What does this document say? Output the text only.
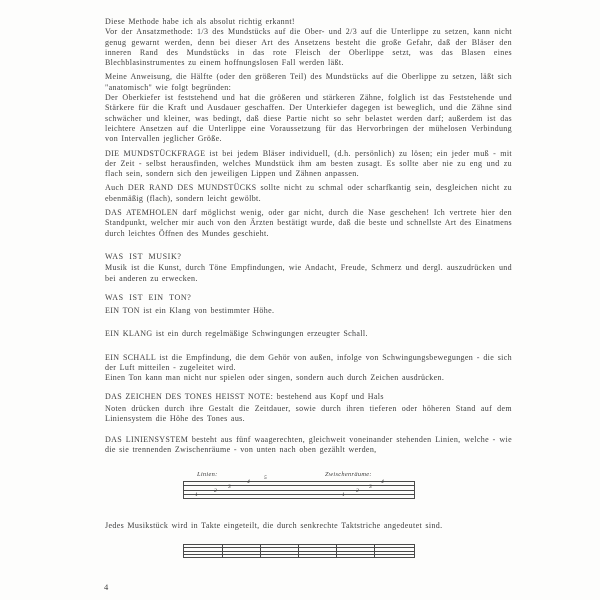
Diese Methode habe ich als absolut richtig erkannt!

Vor der Ansatzmethode: 1/3 des Mundstücks auf die Ober- und 2/3 auf die Unterlippe zu setzen, kann nicht genug gewarnt werden, denn bei dieser Art des Ansetzens besteht die große Gefahr, daß der Bläser den inneren Rand des Mundstücks in das rote Fleisch der Oberlippe setzt, was das Blasen eines Blechblasinstrumentes zu einem hoffnungslosen Fall werden läßt.

Meine Anweisung, die Hälfte (oder den größeren Teil) des Mundstücks auf die Oberlippe zu setzen, läßt sich "anatomisch" wie folgt begründen:

Der Oberkiefer ist feststehend und hat die größeren und stärkeren Zähne, folglich ist das Feststehende und Stärkere für die Kraft und Ausdauer geschaffen. Der Unterkiefer dagegen ist beweglich, und die Zähne sind schwächer und kleiner, was bedingt, daß diese Partie nicht so sehr belastet werden darf; außerdem ist das leichtere Ansetzen auf die Unterlippe eine Voraussetzung für das Hervorbringen der mühelosen Verbindung von Intervallen jeglicher Größe.

DIE MUNDSTÜCKFRAGE ist bei jedem Bläser individuell, (d.h. persönlich) zu lösen; ein jeder muß - mit der Zeit - selbst herausfinden, welches Mundstück ihm am besten zusagt. Es sollte aber nie zu eng und zu flach sein, sondern sich den jeweiligen Lippen und Zähnen anpassen.

Auch DER RAND DES MUNDSTÜCKS sollte nicht zu schmal oder scharfkantig sein, desgleichen nicht zu ebenmäßig (flach), sondern leicht gewölbt.

DAS ATEMHOLEN darf möglichst wenig, oder gar nicht, durch die Nase geschehen! Ich vertrete hier den Standpunkt, welcher mir auch von den Ärzten bestätigt wurde, daß die beste und schnellste Art des Einatmens durch leichtes Öffnen des Mundes geschieht.

WAS IST MUSIK?

Musik ist die Kunst, durch Töne Empfindungen, wie Andacht, Freude, Schmerz und dergl. auszudrücken und bei anderen zu erwecken.

WAS IST EIN TON?

EIN TON ist ein Klang von bestimmter Höhe.

EIN KLANG ist ein durch regelmäßige Schwingungen erzeugter Schall.

EIN SCHALL ist die Empfindung, die dem Gehör von außen, infolge von Schwingungsbewegungen - die sich der Luft mitteilen - zugeleitet wird.

Einen Ton kann man nicht nur spielen oder singen, sondern auch durch Zeichen ausdrücken.

DAS ZEICHEN DES TONES HEISST NOTE: bestehend aus Kopf und Hals

Noten drücken durch ihre Gestalt die Zeitdauer, sowie durch ihren tieferen oder höheren Stand auf dem Liniensystem die Höhe des Tones aus.

DAS LINIENSYSTEM besteht aus fünf waagerechten, gleichweit voneinander stehenden Linien, welche - wie die sie trennenden Zwischenräume - von unten nach oben gezählt werden,

Linien:	Zwischenräume:
1
2
3
4
5
1
2
3
4

Jedes Musikstück wird in Takte eingeteilt, die durch senkrechte Taktstriche angedeutet sind.

4
